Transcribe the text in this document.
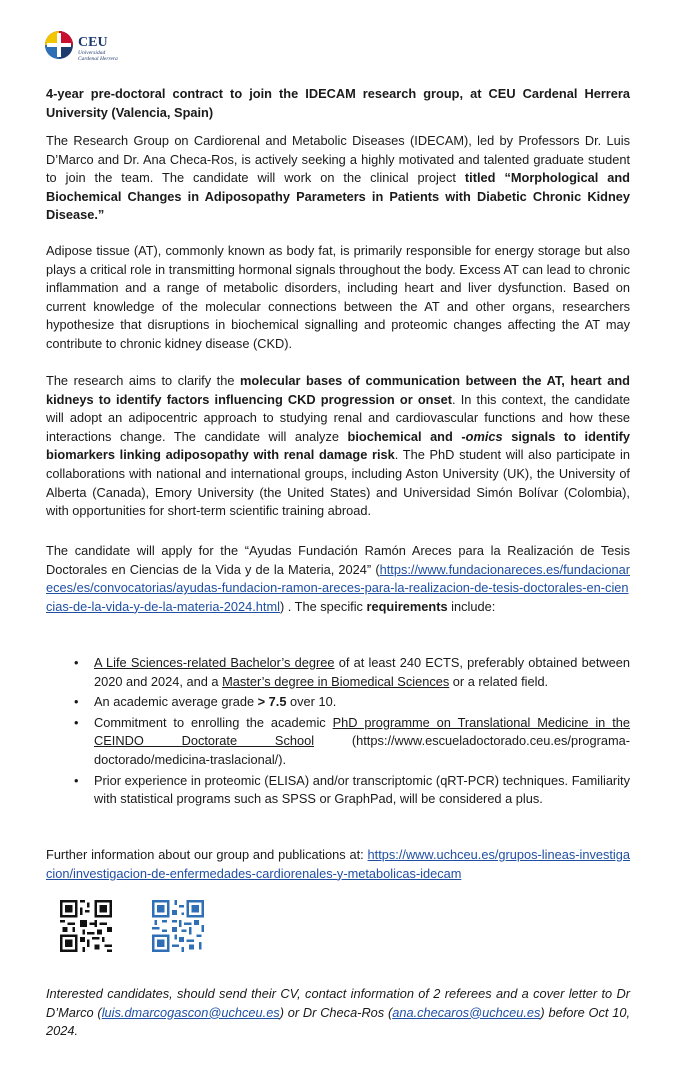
CEU
Universidad
Cardenal Herrera
4-year pre-doctoral contract to join the IDECAM research group, at CEU Cardenal Herrera University (Valencia, Spain)

The Research Group on Cardiorenal and Metabolic Diseases (IDECAM), led by Professors Dr. Luis D’Marco and Dr. Ana Checa-Ros, is actively seeking a highly motivated and talented graduate student to join the team. The candidate will work on the clinical project titled “Morphological and Biochemical Changes in Adiposopathy Parameters in Patients with Diabetic Chronic Kidney Disease.”

Adipose tissue (AT), commonly known as body fat, is primarily responsible for energy storage but also plays a critical role in transmitting hormonal signals throughout the body. Excess AT can lead to chronic inflammation and a range of metabolic disorders, including heart and liver dysfunction. Based on current knowledge of the molecular connections between the AT and other organs, researchers hypothesize that disruptions in biochemical signalling and proteomic changes affecting the AT may contribute to chronic kidney disease (CKD).

The research aims to clarify the molecular bases of communication between the AT, heart and kidneys to identify factors influencing CKD progression or onset. In this context, the candidate will adopt an adipocentric approach to studying renal and cardiovascular functions and how these interactions change. The candidate will analyze biochemical and -omics signals to identify biomarkers linking adiposopathy with renal damage risk. The PhD student will also participate in collaborations with national and international groups, including Aston University (UK), the University of Alberta (Canada), Emory University (the United States) and Universidad Simón Bolívar (Colombia), with opportunities for short-term scientific training abroad.

The candidate will apply for the “Ayudas Fundación Ramón Areces para la Realización de Tesis Doctorales en Ciencias de la Vida y de la Materia, 2024” (https://www.fundacionareces.es/fundacionareces/es/convocatorias/ayudas-fundacion-ramon-areces-para-la-realizacion-de-tesis-doctorales-en-ciencias-de-la-vida-y-de-la-materia-2024.html) . The specific requirements include:

• A Life Sciences-related Bachelor’s degree of at least 240 ECTS, preferably obtained between 2020 and 2024, and a Master’s degree in Biomedical Sciences or a related field.
• An academic average grade > 7.5 over 10.
• Commitment to enrolling the academic PhD programme on Translational Medicine in the CEINDO Doctorate School (https://www.escueladoctorado.ceu.es/programa-doctorado/medicina-traslacional/).
• Prior experience in proteomic (ELISA) and/or transcriptomic (qRT-PCR) techniques. Familiarity with statistical programs such as SPSS or GraphPad, will be considered a plus.

Further information about our group and publications at: https://www.uchceu.es/grupos-lineas-investigacion/investigacion-de-enfermedades-cardiorenales-y-metabolicas-idecam

Interested candidates, should send their CV, contact information of 2 referees and a cover letter to Dr D’Marco (luis.dmarcogascon@uchceu.es) or Dr Checa-Ros (ana.checaros@uchceu.es) before Oct 10, 2024.
